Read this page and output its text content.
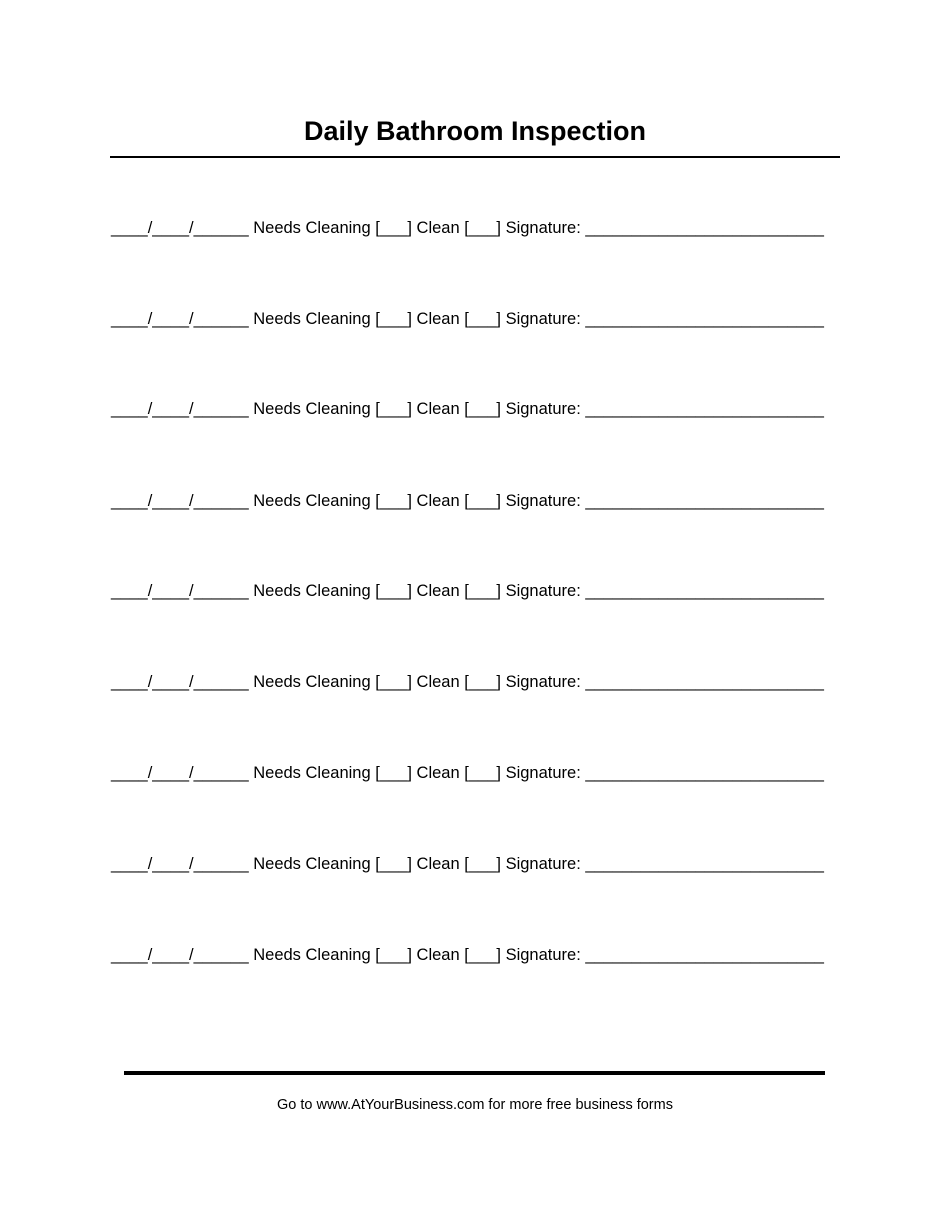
Daily Bathroom Inspection
____/____/______ Needs Cleaning [___] Clean [___] Signature: __________________________
____/____/______ Needs Cleaning [___] Clean [___] Signature: __________________________
____/____/______ Needs Cleaning [___] Clean [___] Signature: __________________________
____/____/______ Needs Cleaning [___] Clean [___] Signature: __________________________
____/____/______ Needs Cleaning [___] Clean [___] Signature: __________________________
____/____/______ Needs Cleaning [___] Clean [___] Signature: __________________________
____/____/______ Needs Cleaning [___] Clean [___] Signature: __________________________
____/____/______ Needs Cleaning [___] Clean [___] Signature: __________________________
____/____/______ Needs Cleaning [___] Clean [___] Signature: __________________________
Go to www.AtYourBusiness.com for more free business forms
